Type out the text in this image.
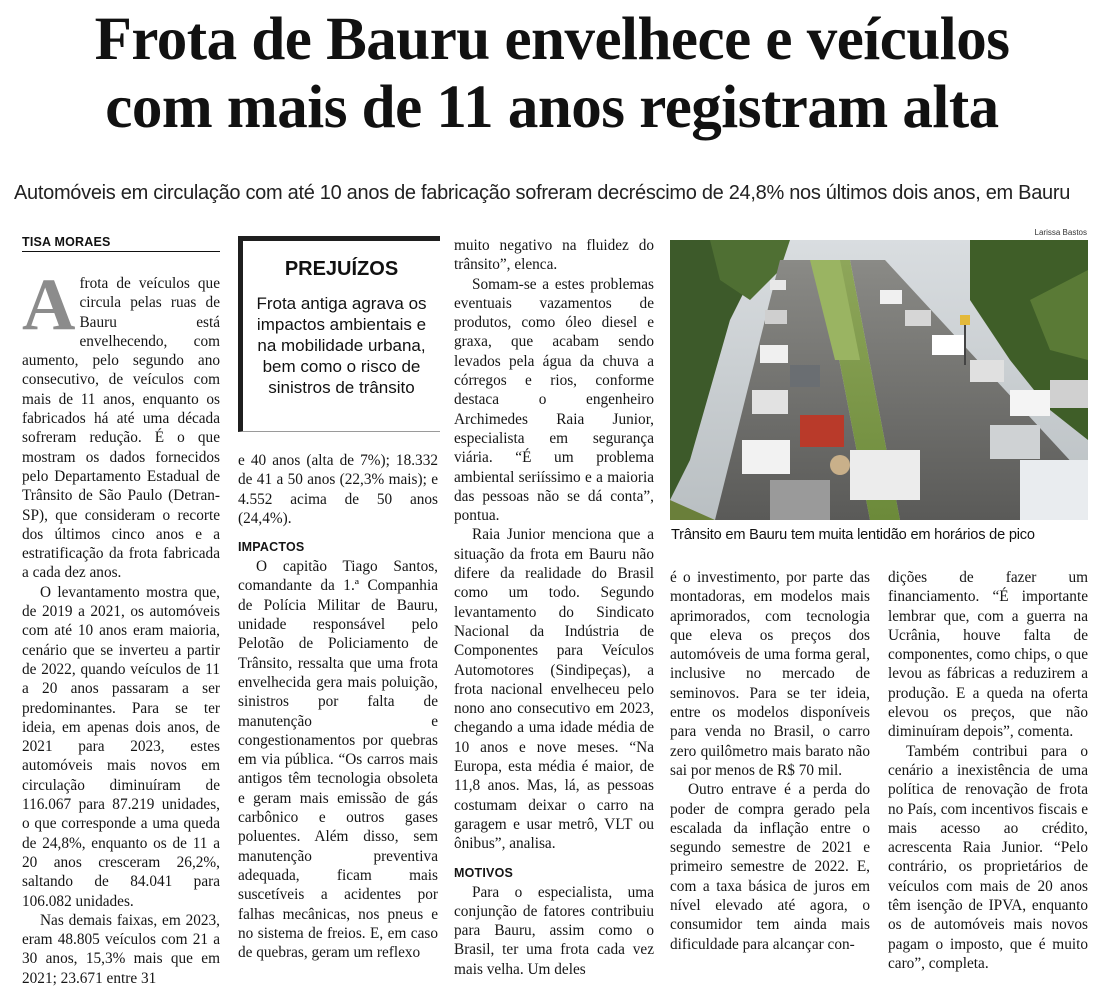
Frota de Bauru envelhece e veículos
com mais de 11 anos registram alta
Automóveis em circulação com até 10 anos de fabricação sofreram decréscimo de 24,8% nos últimos dois anos, em Bauru
TISA MORAES

Afrota de veículos que circula pelas ruas de Bauru está envelhecendo, com aumento, pelo segundo ano consecutivo, de veículos com mais de 11 anos, enquanto os fabricados há até uma década sofreram redução. É o que mostram os dados fornecidos pelo Departamento Estadual de Trânsito de São Paulo (Detran-SP), que consideram o recorte dos últimos cinco anos e a estratificação da frota fabricada a cada dez anos.

O levantamento mostra que, de 2019 a 2021, os automóveis com até 10 anos eram maioria, cenário que se inverteu a partir de 2022, quando veículos de 11 a 20 anos passaram a ser predominantes. Para se ter ideia, em apenas dois anos, de 2021 para 2023, estes automóveis mais novos em circulação diminuíram de 116.067 para 87.219 unidades, o que corresponde a uma queda de 24,8%, enquanto os de 11 a 20 anos cresceram 26,2%, saltando de 84.041 para 106.082 unidades.

Nas demais faixas, em 2023, eram 48.805 veículos com 21 a 30 anos, 15,3% mais que em 2021; 23.671 entre 31

PREJUÍZOS
Frota antiga agrava os impactos ambientais e na mobilidade urbana, bem como o risco de sinistros de trânsito

e 40 anos (alta de 7%); 18.332 de 41 a 50 anos (22,3% mais); e 4.552 acima de 50 anos (24,4%).

IMPACTOS

O capitão Tiago Santos, comandante da 1.ª Companhia de Polícia Militar de Bauru, unidade responsável pelo Pelotão de Policiamento de Trânsito, ressalta que uma frota envelhecida gera mais poluição, sinistros por falta de manutenção e congestionamentos por quebras em via pública. “Os carros mais antigos têm tecnologia obsoleta e geram mais emissão de gás carbônico e outros gases poluentes. Além disso, sem manutenção preventiva adequada, ficam mais suscetíveis a acidentes por falhas mecânicas, nos pneus e no sistema de freios. E, em caso de quebras, geram um reflexo

muito negativo na fluidez do trânsito”, elenca.

Somam-se a estes problemas eventuais vazamentos de produtos, como óleo diesel e graxa, que acabam sendo levados pela água da chuva a córregos e rios, conforme destaca o engenheiro Archimedes Raia Junior, especialista em segurança viária. “É um problema ambiental seriíssimo e a maioria das pessoas não se dá conta”, pontua.

Raia Junior menciona que a situação da frota em Bauru não difere da realidade do Brasil como um todo. Segundo levantamento do Sindicato Nacional da Indústria de Componentes para Veículos Automotores (Sindipeças), a frota nacional envelheceu pelo nono ano consecutivo em 2023, chegando a uma idade média de 10 anos e nove meses. “Na Europa, esta média é maior, de 11,8 anos. Mas, lá, as pessoas costumam deixar o carro na garagem e usar metrô, VLT ou ônibus”, analisa.

MOTIVOS

Para o especialista, uma conjunção de fatores contribuiu para Bauru, assim como o Brasil, ter uma frota cada vez mais velha. Um deles

Larissa Bastos
Trânsito em Bauru tem muita lentidão em horários de pico

é o investimento, por parte das montadoras, em modelos mais aprimorados, com tecnologia que eleva os preços dos automóveis de uma forma geral, inclusive no mercado de seminovos. Para se ter ideia, entre os modelos disponíveis para venda no Brasil, o carro zero quilômetro mais barato não sai por menos de R$ 70 mil.

Outro entrave é a perda do poder de compra gerado pela escalada da inflação entre o segundo semestre de 2021 e primeiro semestre de 2022. E, com a taxa básica de juros em nível elevado até agora, o consumidor tem ainda mais dificuldade para alcançar con-

dições de fazer um financiamento. “É importante lembrar que, com a guerra na Ucrânia, houve falta de componentes, como chips, o que levou as fábricas a reduzirem a produção. E a queda na oferta elevou os preços, que não diminuíram depois”, comenta.

Também contribui para o cenário a inexistência de uma política de renovação de frota no País, com incentivos fiscais e mais acesso ao crédito, acrescenta Raia Junior. “Pelo contrário, os proprietários de veículos com mais de 20 anos têm isenção de IPVA, enquanto os de automóveis mais novos pagam o imposto, que é muito caro”, completa.
